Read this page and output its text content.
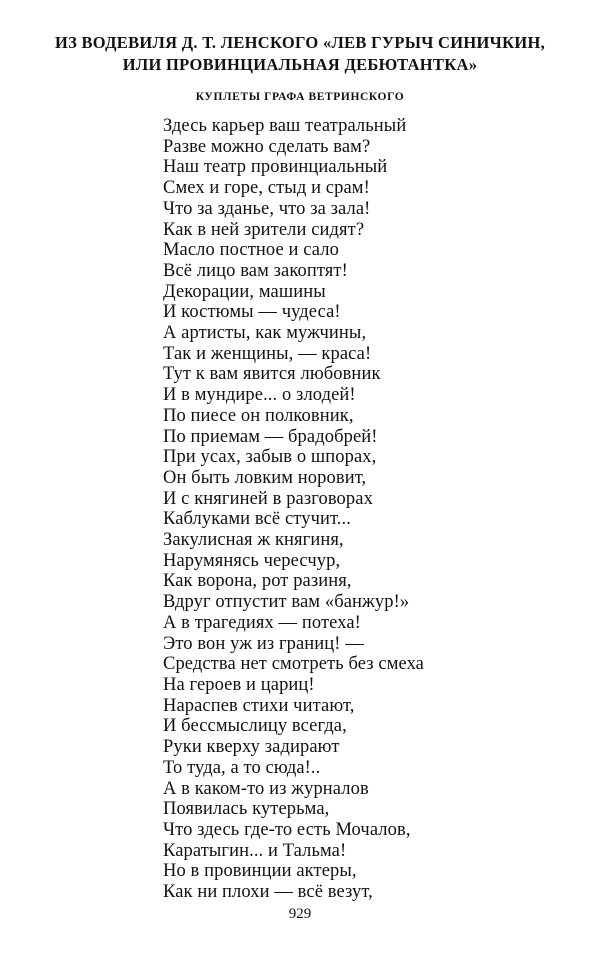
ИЗ ВОДЕВИЛЯ Д. Т. ЛЕНСКОГО «ЛЕВ ГУРЫЧ СИНИЧКИН,
ИЛИ ПРОВИНЦИАЛЬНАЯ ДЕБЮТАНТКА»
КУПЛЕТЫ ГРАФА ВЕТРИНСКОГО
Здесь карьер ваш театральный
Разве можно сделать вам?
Наш театр провинциальный
Смех и горе, стыд и срам!
Что за зданье, что за зала!
Как в ней зрители сидят?
Масло постное и сало
Всё лицо вам закоптят!
Декорации, машины
И костюмы — чудеса!
А артисты, как мужчины,
Так и женщины, — краса!
Тут к вам явится любовник
И в мундире... о злодей!
По пиесе он полковник,
По приемам — брадобрей!
При усах, забыв о шпорах,
Он быть ловким норовит,
И с княгиней в разговорах
Каблуками всё стучит...
Закулисная ж княгиня,
Нарумянясь чересчур,
Как ворона, рот разиня,
Вдруг отпустит вам «банжур!»
А в трагедиях — потеха!
Это вон уж из границ! —
Средства нет смотреть без смеха
На героев и цариц!
Нараспев стихи читают,
И бессмыслицу всегда,
Руки кверху задирают
То туда, а то сюда!..
А в каком-то из журналов
Появилась кутерьма,
Что здесь где-то есть Мочалов,
Каратыгин... и Тальма!
Но в провинции актеры,
Как ни плохи — всё везут,
929
